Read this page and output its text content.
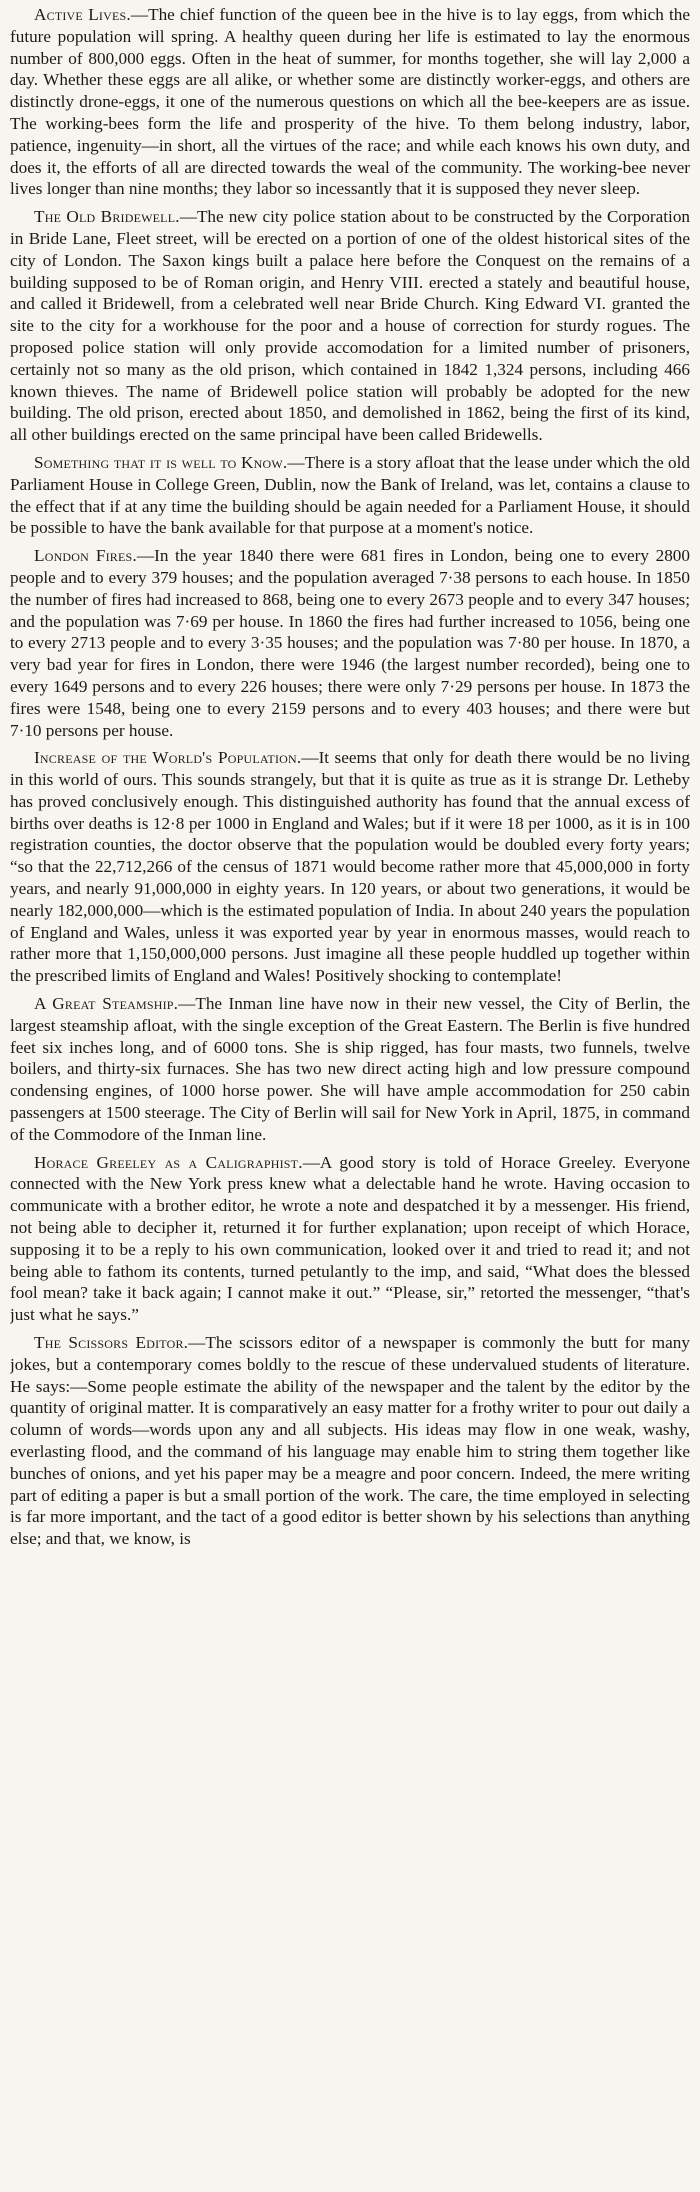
Active Lives.—The chief function of the queen bee in the hive is to lay eggs, from which the future population will spring. A healthy queen during her life is estimated to lay the enormous number of 800,000 eggs. Often in the heat of summer, for months together, she will lay 2,000 a day. Whether these eggs are all alike, or whether some are distinctly worker-eggs, and others are distinctly drone-eggs, it one of the numerous questions on which all the bee-keepers are as issue. The working-bees form the life and prosperity of the hive. To them belong industry, labor, patience, ingenuity—in short, all the virtues of the race; and while each knows his own duty, and does it, the efforts of all are directed towards the weal of the community. The working-bee never lives longer than nine months; they labor so incessantly that it is supposed they never sleep.

The Old Bridewell.—The new city police station about to be constructed by the Corporation in Bride Lane, Fleet street, will be erected on a portion of one of the oldest historical sites of the city of London. The Saxon kings built a palace here before the Conquest on the remains of a building supposed to be of Roman origin, and Henry VIII. erected a stately and beautiful house, and called it Bridewell, from a celebrated well near Bride Church. King Edward VI. granted the site to the city for a workhouse for the poor and a house of correction for sturdy rogues. The proposed police station will only provide accomodation for a limited number of prisoners, certainly not so many as the old prison, which contained in 1842 1,324 persons, including 466 known thieves. The name of Bridewell police station will probably be adopted for the new building. The old prison, erected about 1850, and demolished in 1862, being the first of its kind, all other buildings erected on the same principal have been called Bridewells.

Something that it is well to Know.—There is a story afloat that the lease under which the old Parliament House in College Green, Dublin, now the Bank of Ireland, was let, contains a clause to the effect that if at any time the building should be again needed for a Parliament House, it should be possible to have the bank available for that purpose at a moment's notice.

London Fires.—In the year 1840 there were 681 fires in London, being one to every 2800 people and to every 379 houses; and the population averaged 7·38 persons to each house. In 1850 the number of fires had increased to 868, being one to every 2673 people and to every 347 houses; and the population was 7·69 per house. In 1860 the fires had further increased to 1056, being one to every 2713 people and to every 3·35 houses; and the population was 7·80 per house. In 1870, a very bad year for fires in London, there were 1946 (the largest number recorded), being one to every 1649 persons and to every 226 houses; there were only 7·29 persons per house. In 1873 the fires were 1548, being one to every 2159 persons and to every 403 houses; and there were but 7·10 persons per house.

Increase of the World's Population.—It seems that only for death there would be no living in this world of ours. This sounds strangely, but that it is quite as true as it is strange Dr. Letheby has proved conclusively enough. This distinguished authority has found that the annual excess of births over deaths is 12·8 per 1000 in England and Wales; but if it were 18 per 1000, as it is in 100 registration counties, the doctor observe that the population would be doubled every forty years; “so that the 22,712,266 of the census of 1871 would become rather more that 45,000,000 in forty years, and nearly 91,000,000 in eighty years. In 120 years, or about two generations, it would be nearly 182,000,000—which is the estimated population of India. In about 240 years the population of England and Wales, unless it was exported year by year in enormous masses, would reach to rather more that 1,150,000,000 persons. Just imagine all these people huddled up together within the prescribed limits of England and Wales! Positively shocking to contemplate!

A Great Steamship.—The Inman line have now in their new vessel, the City of Berlin, the largest steamship afloat, with the single exception of the Great Eastern. The Berlin is five hundred feet six inches long, and of 6000 tons. She is ship rigged, has four masts, two funnels, twelve boilers, and thirty-six furnaces. She has two new direct acting high and low pressure compound condensing engines, of 1000 horse power. She will have ample accommodation for 250 cabin passengers at 1500 steerage. The City of Berlin will sail for New York in April, 1875, in command of the Commodore of the Inman line.

Horace Greeley as a Caligraphist.—A good story is told of Horace Greeley. Everyone connected with the New York press knew what a delectable hand he wrote. Having occasion to communicate with a brother editor, he wrote a note and despatched it by a messenger. His friend, not being able to decipher it, returned it for further explanation; upon receipt of which Horace, supposing it to be a reply to his own communication, looked over it and tried to read it; and not being able to fathom its contents, turned petulantly to the imp, and said, “What does the blessed fool mean? take it back again; I cannot make it out.” “Please, sir,” retorted the messenger, “that's just what he says.”

The Scissors Editor.—The scissors editor of a newspaper is commonly the butt for many jokes, but a contemporary comes boldly to the rescue of these undervalued students of literature. He says:—Some people estimate the ability of the newspaper and the talent by the editor by the quantity of original matter. It is comparatively an easy matter for a frothy writer to pour out daily a column of words—words upon any and all subjects. His ideas may flow in one weak, washy, everlasting flood, and the command of his language may enable him to string them together like bunches of onions, and yet his paper may be a meagre and poor concern. Indeed, the mere writing part of editing a paper is but a small portion of the work. The care, the time employed in selecting is far more important, and the tact of a good editor is better shown by his selections than anything else; and that, we know, is
